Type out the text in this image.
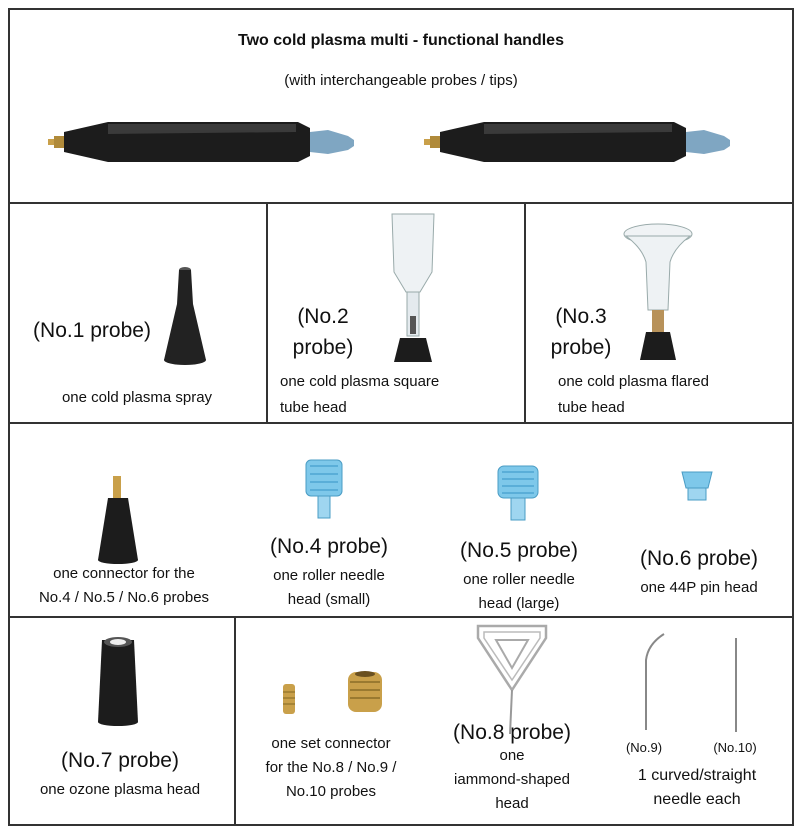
Two cold plasma multi - functional handles
(with interchangeable probes / tips)
(No.1 probe)
one cold plasma spray
(No.2
probe)
one cold plasma square
tube head
(No.3
probe)
one cold plasma flared
tube head
one connector for the
No.4 / No.5 / No.6 probes
(No.4 probe)
one roller needle
head (small)
(No.5 probe)
one roller needle
head (large)
(No.6 probe)
one 44P pin head
(No.7 probe)
one ozone plasma head
one set connector
for the No.8 / No.9 /
No.10 probes
(No.8 probe)
one
iammond-shaped
head
(No.9)	(No.10)
1 curved/straight
needle each
